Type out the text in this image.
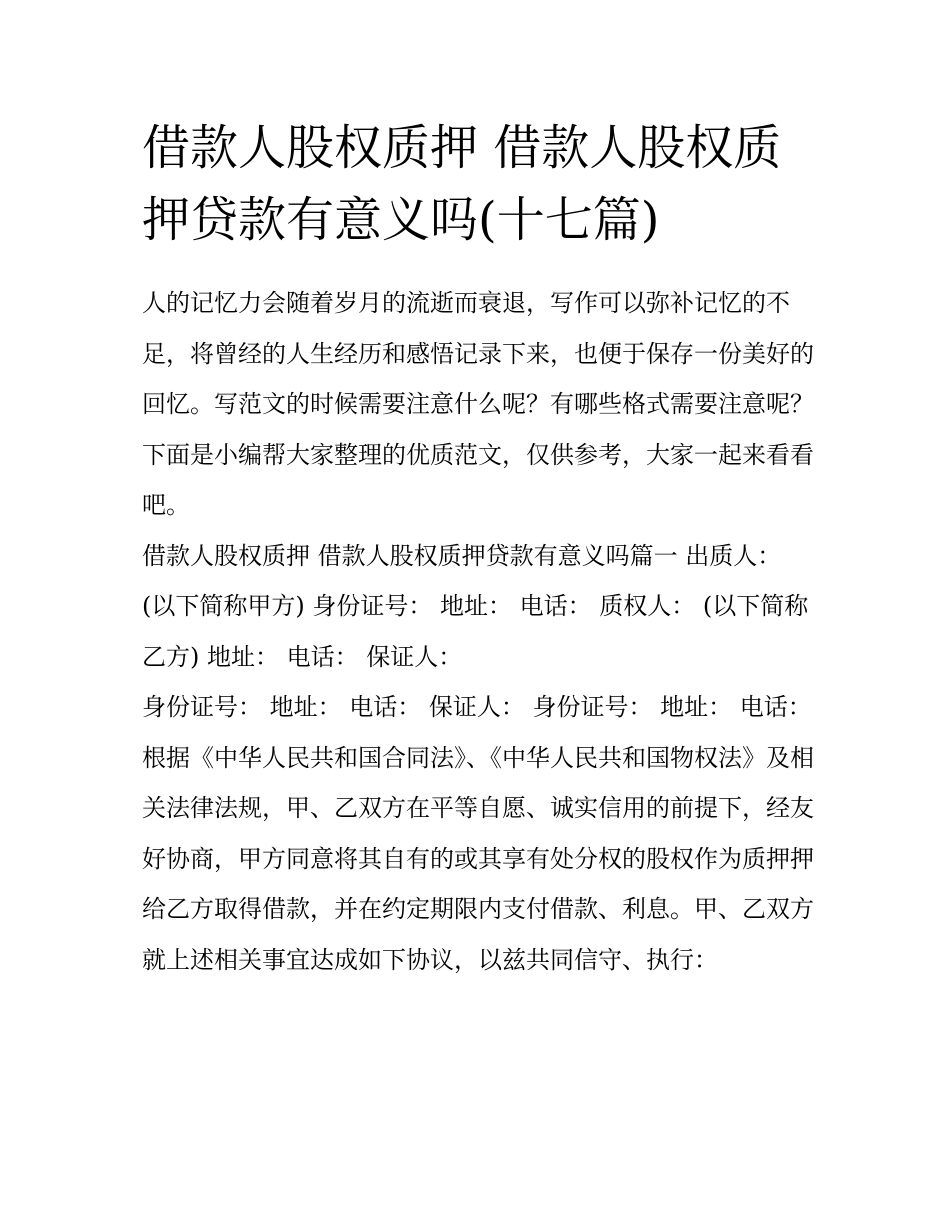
借款人股权质押 借款人股权质押贷款有意义吗(十七篇)

人的记忆力会随着岁月的流逝而衰退，写作可以弥补记忆的不足，将曾经的人生经历和感悟记录下来，也便于保存一份美好的回忆。写范文的时候需要注意什么呢？有哪些格式需要注意呢？下面是小编帮大家整理的优质范文，仅供参考，大家一起来看看吧。

借款人股权质押 借款人股权质押贷款有意义吗篇一 出质人：(以下简称甲方) 身份证号： 地址： 电话： 质权人： (以下简称乙方) 地址： 电话： 保证人：

身份证号： 地址： 电话： 保证人： 身份证号： 地址： 电话：

根据《中华人民共和国合同法》、《中华人民共和国物权法》及相关法律法规，甲、乙双方在平等自愿、诚实信用的前提下，经友好协商，甲方同意将其自有的或其享有处分权的股权作为质押押给乙方取得借款，并在约定期限内支付借款、利息。甲、乙双方就上述相关事宜达成如下协议，以兹共同信守、执行：
